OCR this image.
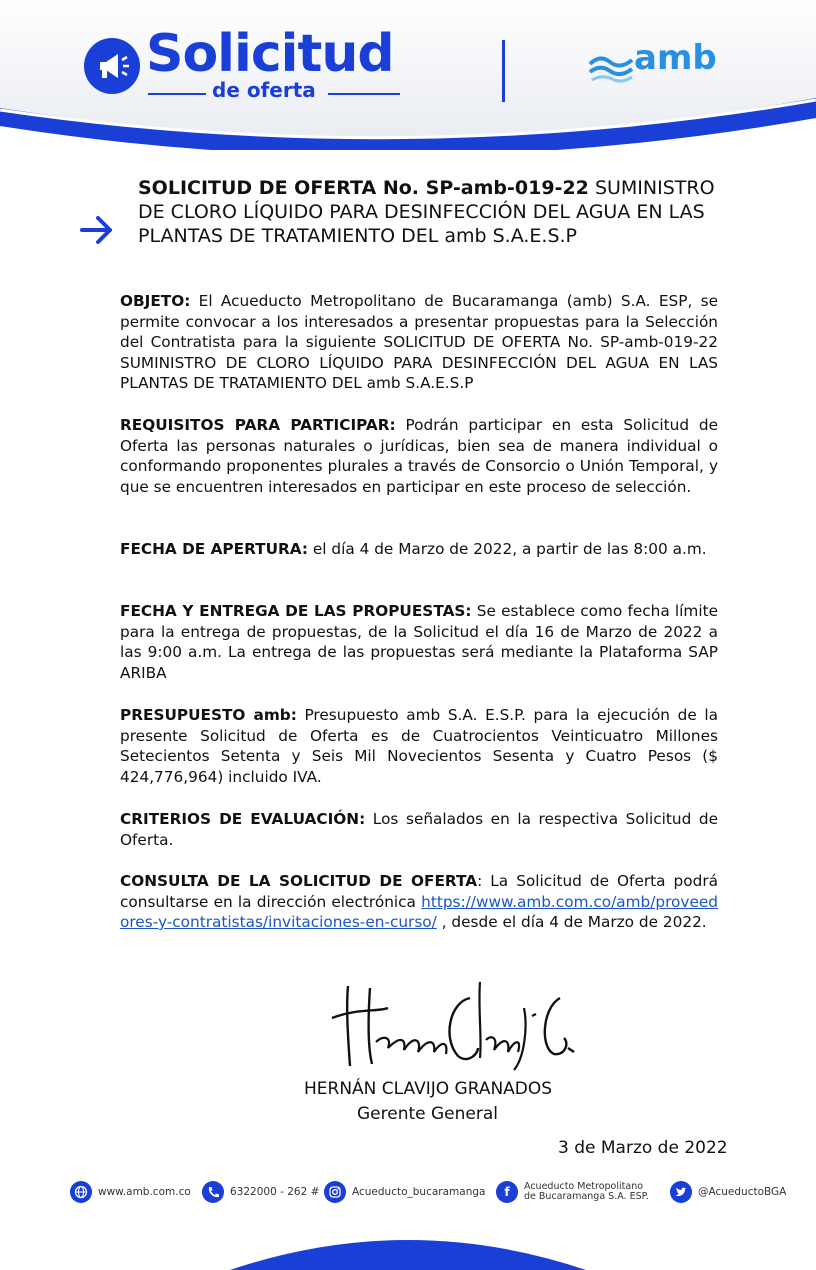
Solicitud
de oferta
amb
SOLICITUD DE OFERTA No. SP-amb-019-22 SUMINISTRO DE CLORO LÍQUIDO PARA DESINFECCIÓN DEL AGUA EN LAS PLANTAS DE TRATAMIENTO DEL amb S.A.E.S.P
OBJETO: El Acueducto Metropolitano de Bucaramanga (amb) S.A. ESP, se permite convocar a los interesados a presentar propuestas para la Selección del Contratista para la siguiente SOLICITUD DE OFERTA No. SP-amb-019-22 SUMINISTRO DE CLORO LÍQUIDO PARA DESINFECCIÓN DEL AGUA EN LAS PLANTAS DE TRATAMIENTO DEL amb S.A.E.S.P
REQUISITOS PARA PARTICIPAR: Podrán participar en esta Solicitud de Oferta las personas naturales o jurídicas, bien sea de manera individual o conformando proponentes plurales a través de Consorcio o Unión Temporal, y que se encuentren interesados en participar en este proceso de selección.
FECHA DE APERTURA: el día 4 de Marzo de 2022, a partir de las 8:00 a.m.
FECHA Y ENTREGA DE LAS PROPUESTAS: Se establece como fecha límite para la entrega de propuestas, de la Solicitud el día 16 de Marzo de 2022 a las 9:00 a.m. La entrega de las propuestas será mediante la Plataforma SAP ARIBA
PRESUPUESTO amb: Presupuesto amb S.A. E.S.P. para la ejecución de la presente Solicitud de Oferta es de Cuatrocientos Veinticuatro Millones Setecientos Setenta y Seis Mil Novecientos Sesenta y Cuatro Pesos ($ 424,776,964) incluido IVA.
CRITERIOS DE EVALUACIÓN: Los señalados en la respectiva Solicitud de Oferta.
CONSULTA DE LA SOLICITUD DE OFERTA: La Solicitud de Oferta podrá consultarse en la dirección electrónica https://www.amb.com.co/amb/proveedores-y-contratistas/invitaciones-en-curso/ , desde el día 4 de Marzo de 2022.
HERNÁN CLAVIJO GRANADOS
Gerente General
3 de Marzo de 2022
www.amb.com.co	6322000 - 262 #	Acueducto_bucaramanga	f	Acueducto Metropolitano
de Bucaramanga S.A. ESP.	@AcueductoBGA
